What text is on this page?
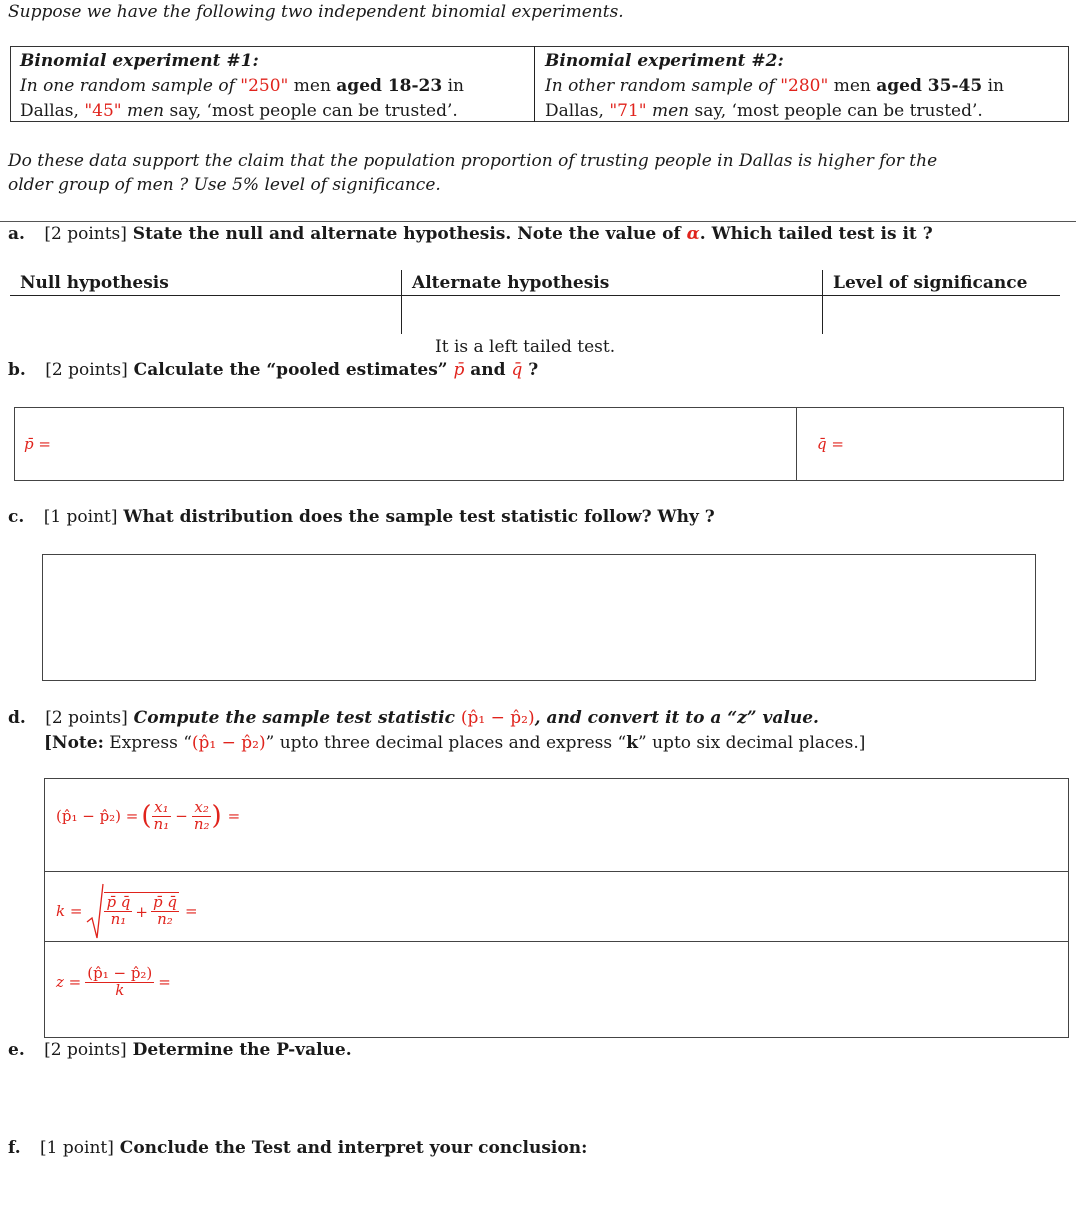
Suppose we have the following two independent binomial experiments.
Binomial experiment #1:
In one random sample of "250" men aged 18-23 in
Dallas, "45" men say, ‘most people can be trusted’.
Binomial experiment #2:
In other random sample of "280" men aged 35-45 in
Dallas, "71" men say, ‘most people can be trusted’.
Do these data support the claim that the population proportion of trusting people in Dallas is higher for the
older group of men ? Use 5% level of significance.
a. [2 points] State the null and alternate hypothesis. Note the value of α. Which tailed test is it ?
Null hypothesis	Alternate hypothesis	Level of significance
It is a left tailed test.
b. [2 points] Calculate the “pooled estimates” p̄ and q̄ ?
p̄ =	q̄ =
c. [1 point] What distribution does the sample test statistic follow? Why ?
d. [2 points] Compute the sample test statistic (p̂₁ − p̂₂), and convert it to a “z” value.
[Note: Express “(p̂₁ − p̂₂)” upto three decimal places and express “k” upto six decimal places.]
(p̂₁ − p̂₂) = ( $\frac{\text{x₁}}{\text{n₁}} - \frac{\text{x₂}}{\text{n₂}}$ ) =
$k = \frac{p̄ q̄}{\text{n₁}} + \frac{p̄ q̄}{\text{n₂}}$ =
$z = \frac{\text{(p̂₁ − p̂₂)}}{k}$ =
e. [2 points] Determine the P-value.
f. [1 point] Conclude the Test and interpret your conclusion:
